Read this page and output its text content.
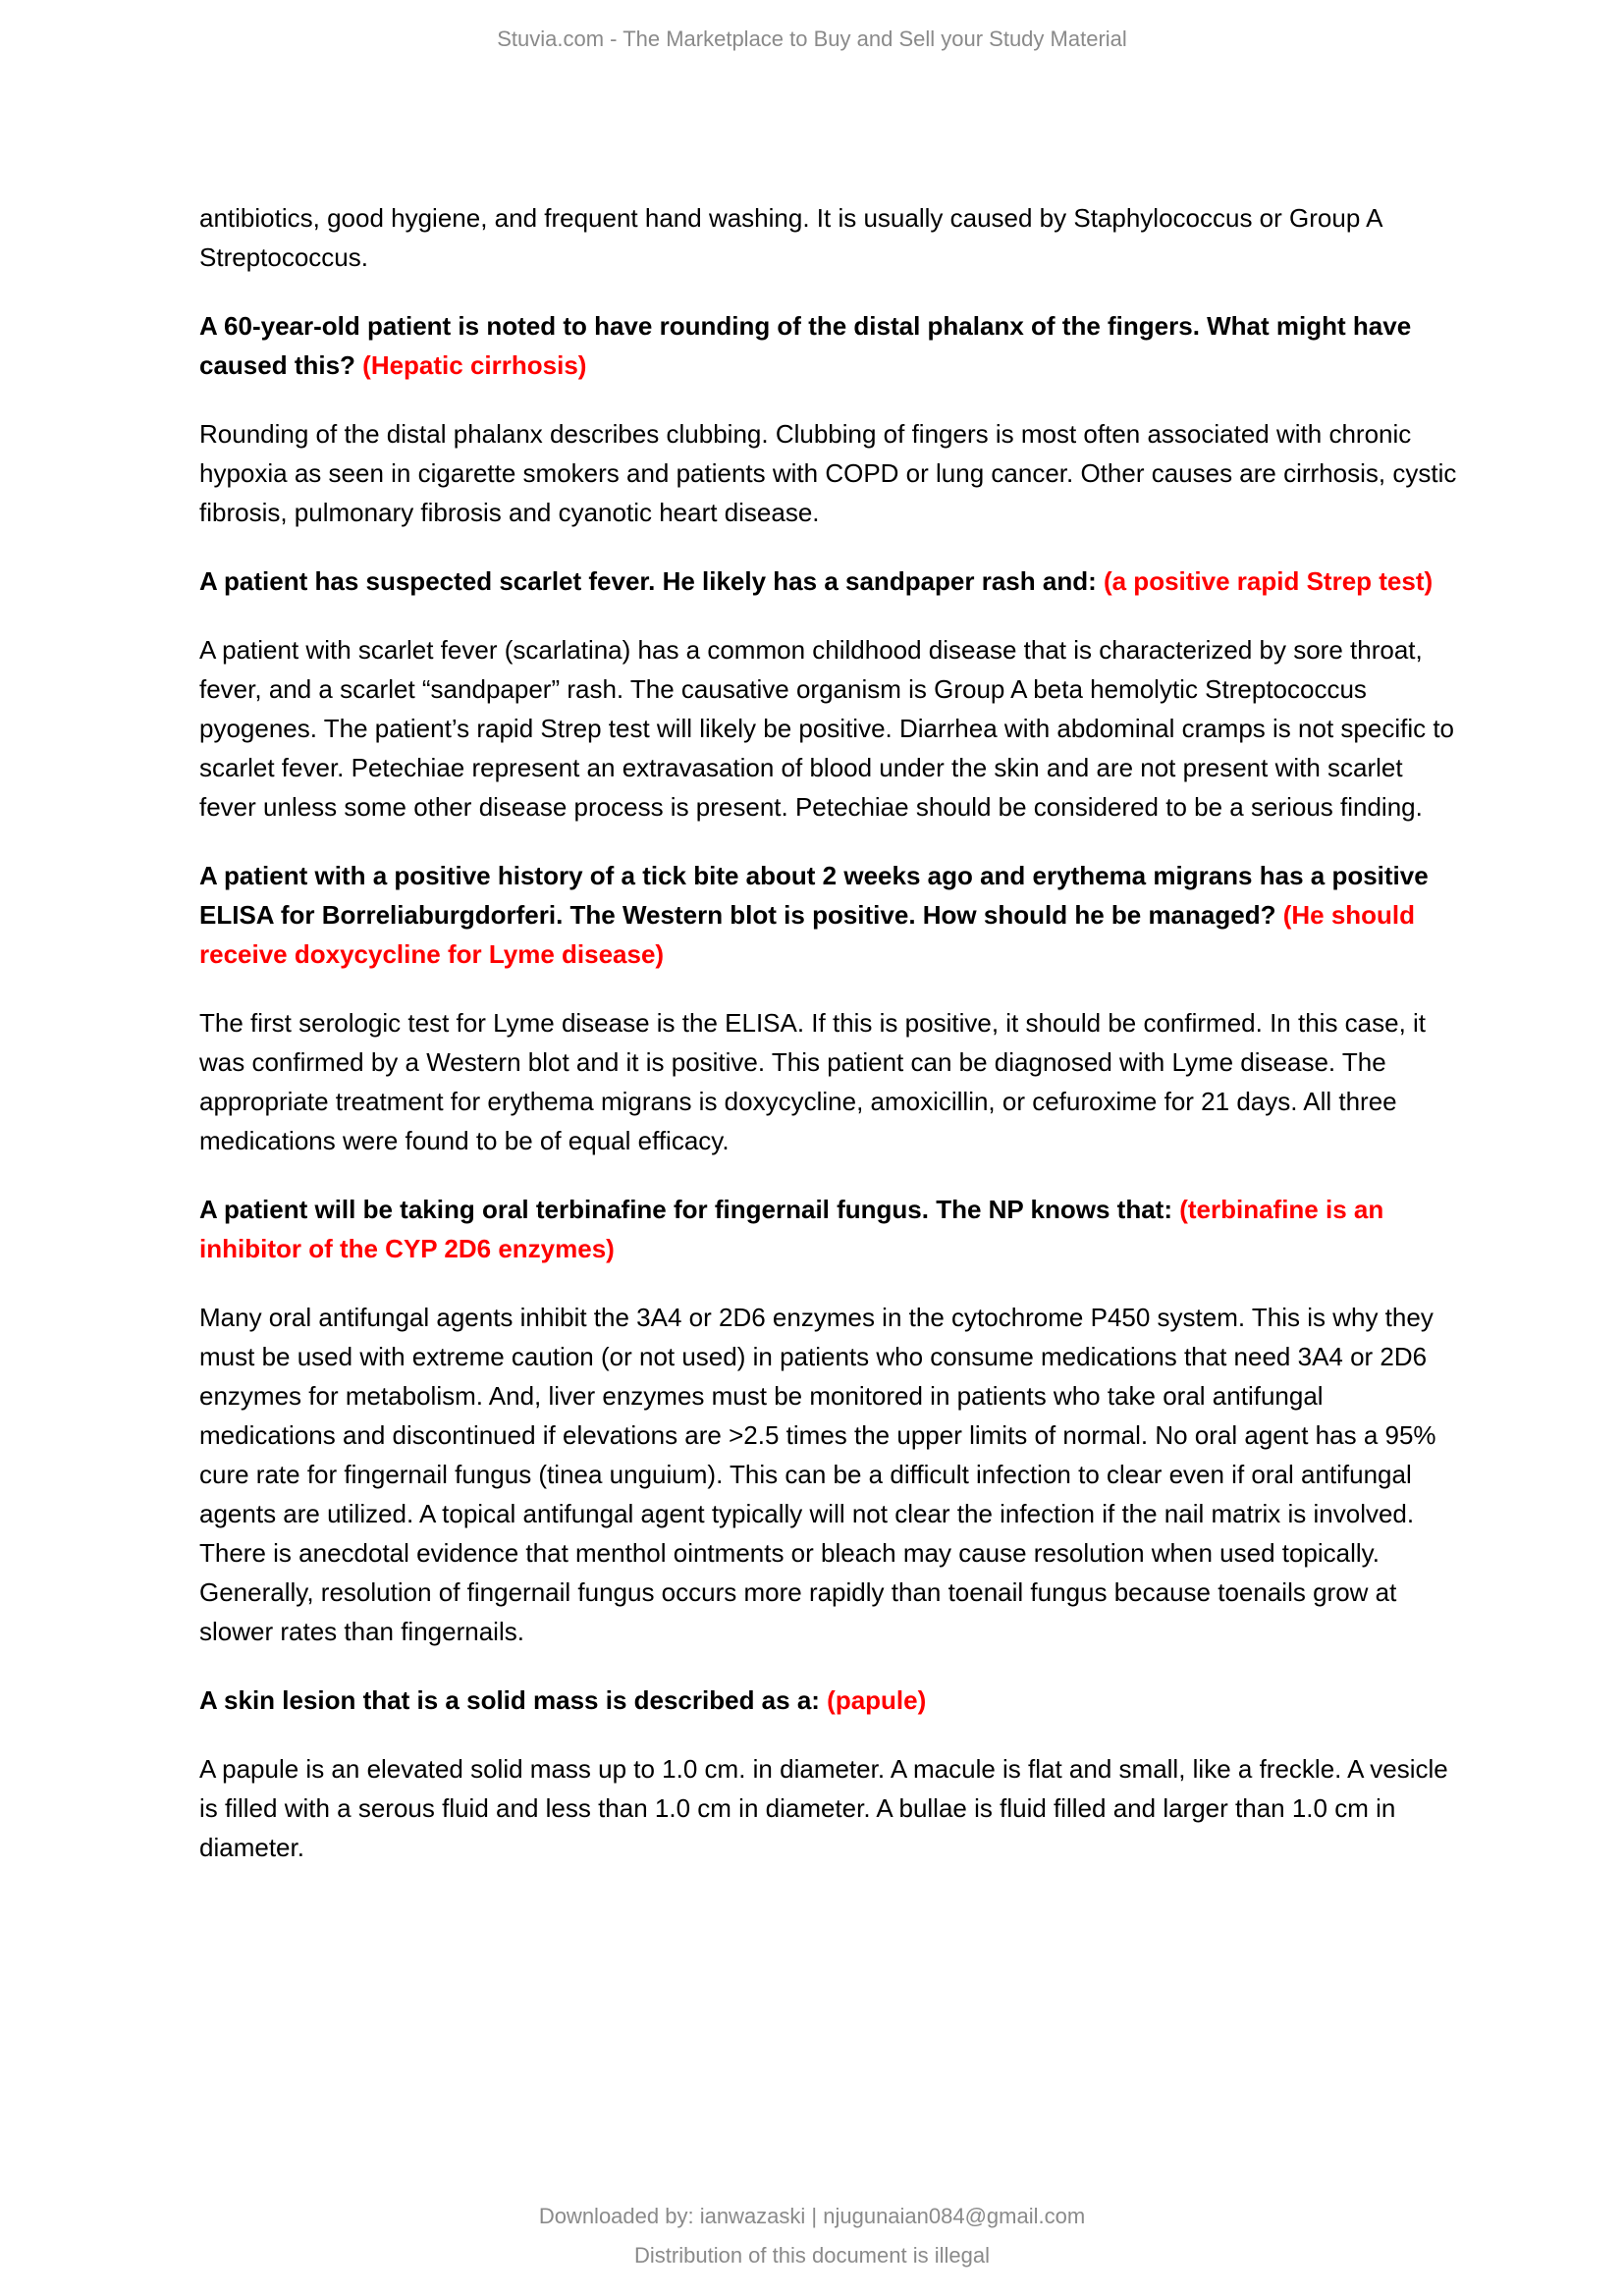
Stuvia.com - The Marketplace to Buy and Sell your Study Material

antibiotics, good hygiene, and frequent hand washing. It is usually caused by Staphylococcus or Group A Streptococcus.

A 60-year-old patient is noted to have rounding of the distal phalanx of the fingers. What might have caused this? (Hepatic cirrhosis)

Rounding of the distal phalanx describes clubbing. Clubbing of fingers is most often associated with chronic hypoxia as seen in cigarette smokers and patients with COPD or lung cancer. Other causes are cirrhosis, cystic fibrosis, pulmonary fibrosis and cyanotic heart disease.

A patient has suspected scarlet fever. He likely has a sandpaper rash and: (a positive rapid Strep test)

A patient with scarlet fever (scarlatina) has a common childhood disease that is characterized by sore throat, fever, and a scarlet “sandpaper” rash. The causative organism is Group A beta hemolytic Streptococcus pyogenes. The patient’s rapid Strep test will likely be positive. Diarrhea with abdominal cramps is not specific to scarlet fever. Petechiae represent an extravasation of blood under the skin and are not present with scarlet fever unless some other disease process is present. Petechiae should be considered to be a serious finding.

A patient with a positive history of a tick bite about 2 weeks ago and erythema migrans has a positive ELISA for Borreliaburgdorferi. The Western blot is positive. How should he be managed? (He should receive doxycycline for Lyme disease)

The first serologic test for Lyme disease is the ELISA. If this is positive, it should be confirmed. In this case, it was confirmed by a Western blot and it is positive. This patient can be diagnosed with Lyme disease. The appropriate treatment for erythema migrans is doxycycline, amoxicillin, or cefuroxime for 21 days. All three medications were found to be of equal efficacy.

A patient will be taking oral terbinafine for fingernail fungus. The NP knows that: (terbinafine is an inhibitor of the CYP 2D6 enzymes)

Many oral antifungal agents inhibit the 3A4 or 2D6 enzymes in the cytochrome P450 system. This is why they must be used with extreme caution (or not used) in patients who consume medications that need 3A4 or 2D6 enzymes for metabolism. And, liver enzymes must be monitored in patients who take oral antifungal medications and discontinued if elevations are >2.5 times the upper limits of normal. No oral agent has a 95% cure rate for fingernail fungus (tinea unguium). This can be a difficult infection to clear even if oral antifungal agents are utilized. A topical antifungal agent typically will not clear the infection if the nail matrix is involved. There is anecdotal evidence that menthol ointments or bleach may cause resolution when used topically. Generally, resolution of fingernail fungus occurs more rapidly than toenail fungus because toenails grow at slower rates than fingernails.

A skin lesion that is a solid mass is described as a: (papule)

A papule is an elevated solid mass up to 1.0 cm. in diameter. A macule is flat and small, like a freckle. A vesicle is filled with a serous fluid and less than 1.0 cm in diameter. A bullae is fluid filled and larger than 1.0 cm in diameter.

Downloaded by: ianwazaski | njugunaian084@gmail.com
Distribution of this document is illegal
